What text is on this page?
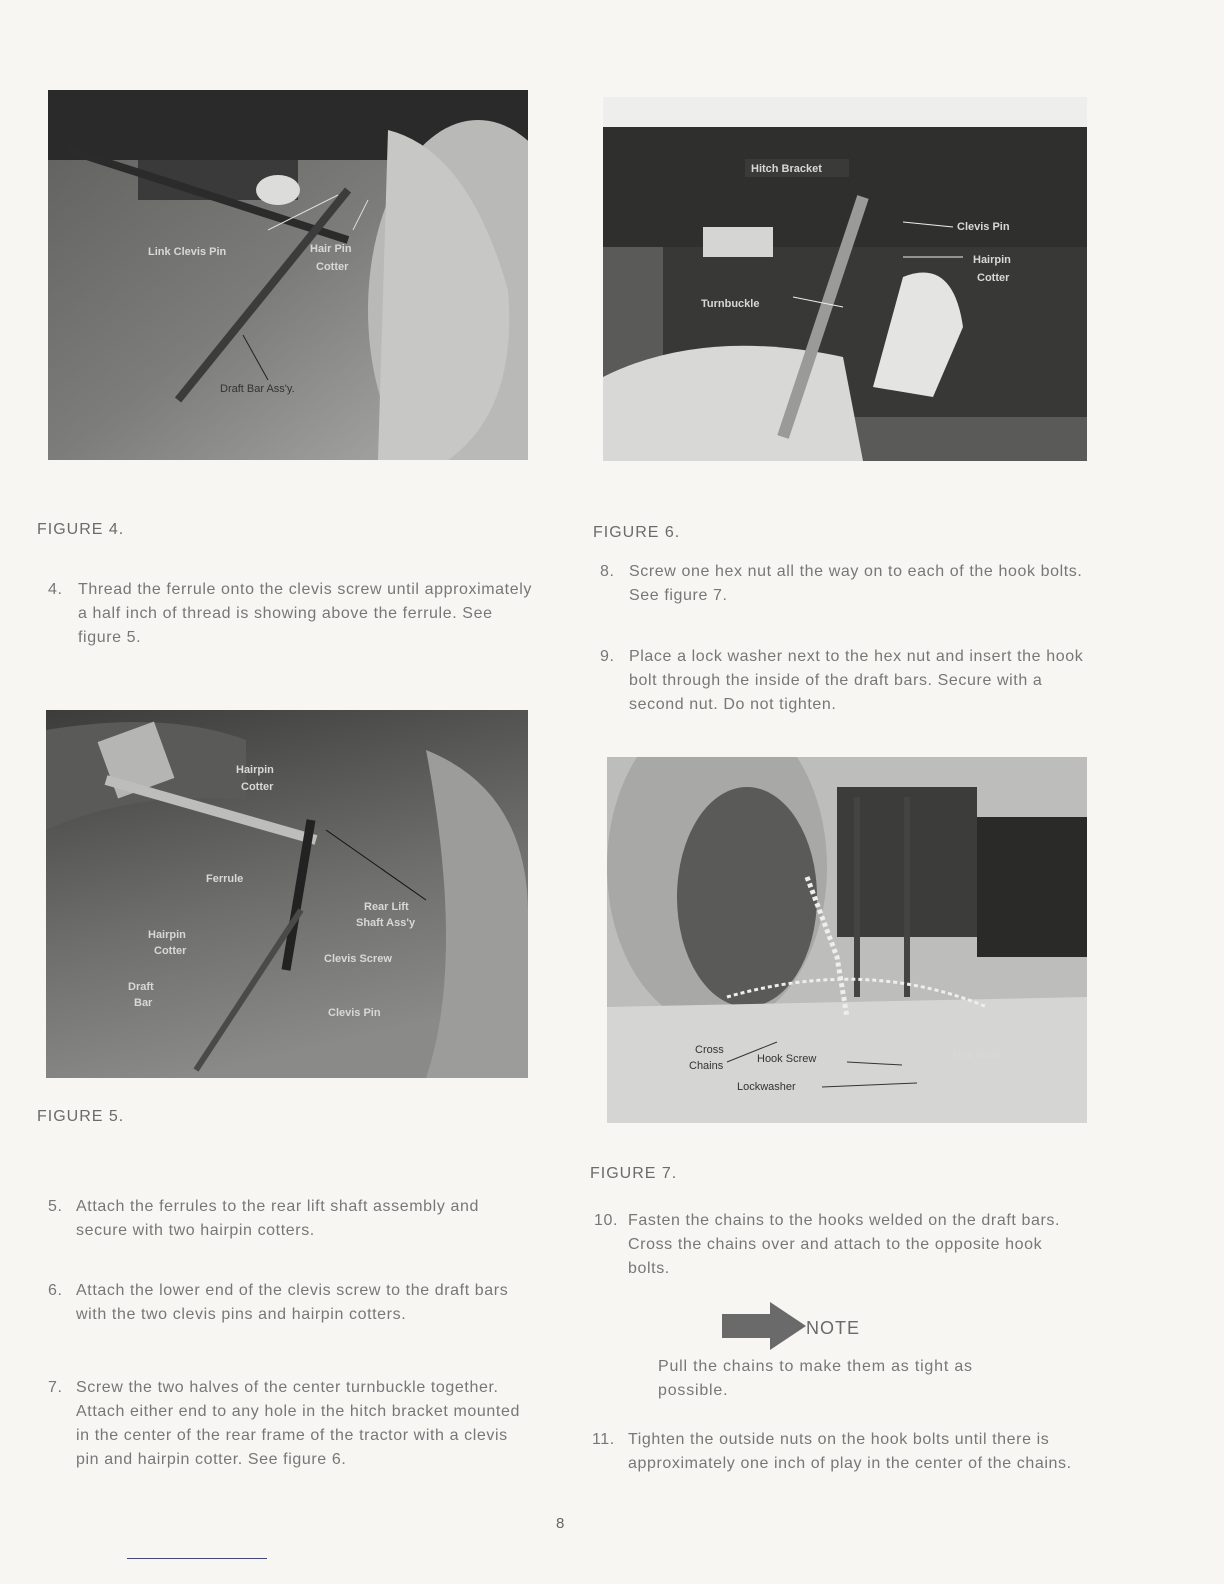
Link Clevis Pin	Hair Pin
Cotter
Draft Bar Ass'y.
FIGURE 4.
4. Thread the ferrule onto the clevis screw until approximately a half inch of thread is showing above the ferrule. See figure 5.
Hairpin
Cotter
Ferrule
Rear Lift
Shaft Ass'y
Hairpin
Cotter
Clevis Screw
Draft
Bar
Clevis Pin
FIGURE 5.
5. Attach the ferrules to the rear lift shaft assembly and secure with two hairpin cotters.
6. Attach the lower end of the clevis screw to the draft bars with the two clevis pins and hairpin cotters.
7. Screw the two halves of the center turnbuckle together. Attach either end to any hole in the hitch bracket mounted in the center of the rear frame of the tractor with a clevis pin and hairpin cotter. See figure 6.
Hitch Bracket
Clevis Pin
Hairpin
Cotter
Turnbuckle
FIGURE 6.
8. Screw one hex nut all the way on to each of the hook bolts. See figure 7.
9. Place a lock washer next to the hex nut and insert the hook bolt through the inside of the draft bars. Secure with a second nut. Do not tighten.
Cross
Chains
Hook Screw	Hex Nuts
Lockwasher
FIGURE 7.
10. Fasten the chains to the hooks welded on the draft bars. Cross the chains over and attach to the opposite hook bolts.
NOTE
Pull the chains to make them as tight as possible.
11. Tighten the outside nuts on the hook bolts until there is approximately one inch of play in the center of the chains.
8
